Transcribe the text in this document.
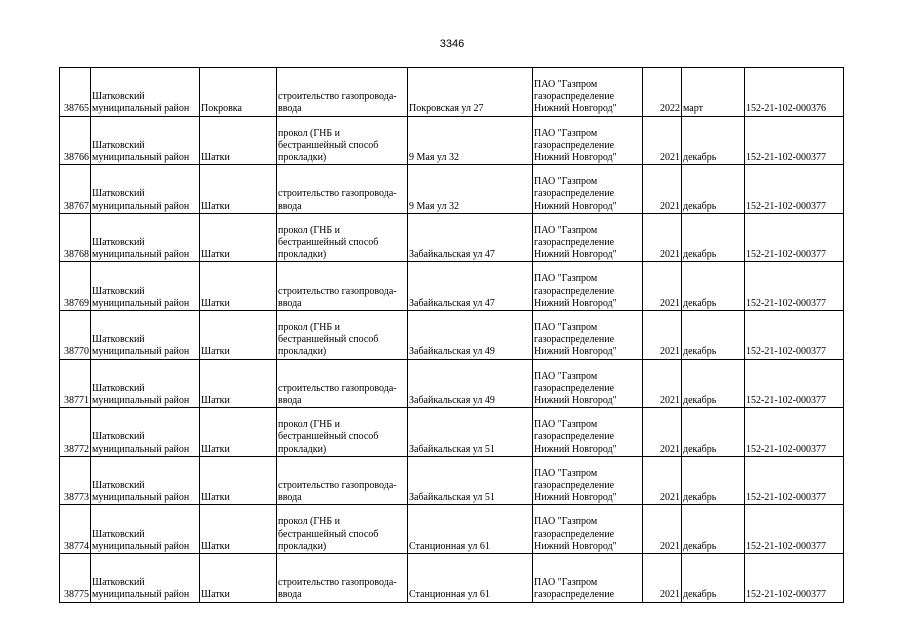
3346
38765	Шатковский муниципальный район	Покровка	строительство газопровода-ввода	Покровская ул 27	ПАО "Газпром газораспределение Нижний Новгород"	2022	март	152-21-102-000376
38766	Шатковский муниципальный район	Шатки	прокол (ГНБ и бестраншейный способ прокладки)	9 Мая ул 32	ПАО "Газпром газораспределение Нижний Новгород"	2021	декабрь	152-21-102-000377
38767	Шатковский муниципальный район	Шатки	строительство газопровода-ввода	9 Мая ул 32	ПАО "Газпром газораспределение Нижний Новгород"	2021	декабрь	152-21-102-000377
38768	Шатковский муниципальный район	Шатки	прокол (ГНБ и бестраншейный способ прокладки)	Забайкальская ул 47	ПАО "Газпром газораспределение Нижний Новгород"	2021	декабрь	152-21-102-000377
38769	Шатковский муниципальный район	Шатки	строительство газопровода-ввода	Забайкальская ул 47	ПАО "Газпром газораспределение Нижний Новгород"	2021	декабрь	152-21-102-000377
38770	Шатковский муниципальный район	Шатки	прокол (ГНБ и бестраншейный способ прокладки)	Забайкальская ул 49	ПАО "Газпром газораспределение Нижний Новгород"	2021	декабрь	152-21-102-000377
38771	Шатковский муниципальный район	Шатки	строительство газопровода-ввода	Забайкальская ул 49	ПАО "Газпром газораспределение Нижний Новгород"	2021	декабрь	152-21-102-000377
38772	Шатковский муниципальный район	Шатки	прокол (ГНБ и бестраншейный способ прокладки)	Забайкальская ул 51	ПАО "Газпром газораспределение Нижний Новгород"	2021	декабрь	152-21-102-000377
38773	Шатковский муниципальный район	Шатки	строительство газопровода-ввода	Забайкальская ул 51	ПАО "Газпром газораспределение Нижний Новгород"	2021	декабрь	152-21-102-000377
38774	Шатковский муниципальный район	Шатки	прокол (ГНБ и бестраншейный способ прокладки)	Станционная ул 61	ПАО "Газпром газораспределение Нижний Новгород"	2021	декабрь	152-21-102-000377
38775	Шатковский муниципальный район	Шатки	строительство газопровода-ввода	Станционная ул 61	ПАО "Газпром газораспределение	2021	декабрь	152-21-102-000377
